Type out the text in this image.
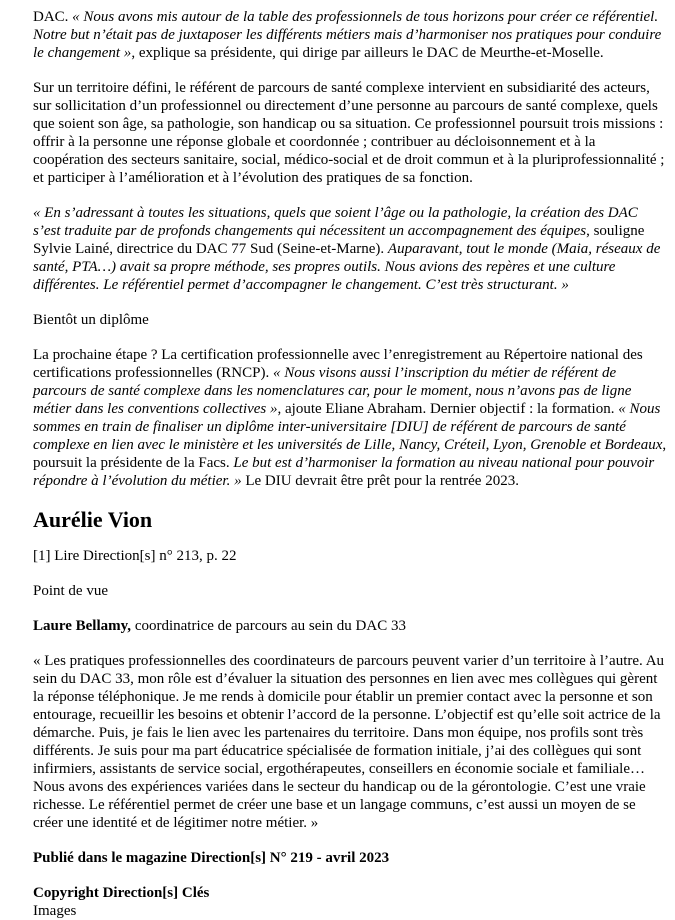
DAC. « Nous avons mis autour de la table des professionnels de tous horizons pour créer ce référentiel. Notre but n’était pas de juxtaposer les différents métiers mais d’harmoniser nos pratiques pour conduire le changement », explique sa présidente, qui dirige par ailleurs le DAC de Meurthe-et-Moselle.

Sur un territoire défini, le référent de parcours de santé complexe intervient en subsidiarité des acteurs, sur sollicitation d’un professionnel ou directement d’une personne au parcours de santé complexe, quels que soient son âge, sa pathologie, son handicap ou sa situation. Ce professionnel poursuit trois missions : offrir à la personne une réponse globale et coordonnée ; contribuer au décloisonnement et à la coopération des secteurs sanitaire, social, médico-social et de droit commun et à la pluriprofessionnalité ; et participer à l’amélioration et à l’évolution des pratiques de sa fonction.

« En s’adressant à toutes les situations, quels que soient l’âge ou la pathologie, la création des DAC s’est traduite par de profonds changements qui nécessitent un accompagnement des équipes, souligne Sylvie Lainé, directrice du DAC 77 Sud (Seine-et-Marne). Auparavant, tout le monde (Maia, réseaux de santé, PTA…) avait sa propre méthode, ses propres outils. Nous avions des repères et une culture différentes. Le référentiel permet d’accompagner le changement. C’est très structurant. »

Bientôt un diplôme

La prochaine étape ? La certification professionnelle avec l’enregistrement au Répertoire national des certifications professionnelles (RNCP). « Nous visons aussi l’inscription du métier de référent de parcours de santé complexe dans les nomenclatures car, pour le moment, nous n’avons pas de ligne métier dans les conventions collectives », ajoute Eliane Abraham. Dernier objectif : la formation. « Nous sommes en train de finaliser un diplôme inter-universitaire [DIU] de référent de parcours de santé complexe en lien avec le ministère et les universités de Lille, Nancy, Créteil, Lyon, Grenoble et Bordeaux, poursuit la présidente de la Facs. Le but est d’harmoniser la formation au niveau national pour pouvoir répondre à l’évolution du métier. » Le DIU devrait être prêt pour la rentrée 2023.

Aurélie Vion

[1] Lire Direction[s] n° 213, p. 22

Point de vue

Laure Bellamy, coordinatrice de parcours au sein du DAC 33

« Les pratiques professionnelles des coordinateurs de parcours peuvent varier d’un territoire à l’autre. Au sein du DAC 33, mon rôle est d’évaluer la situation des personnes en lien avec mes collègues qui gèrent la réponse téléphonique. Je me rends à domicile pour établir un premier contact avec la personne et son entourage, recueillir les besoins et obtenir l’accord de la personne. L’objectif est qu’elle soit actrice de la démarche. Puis, je fais le lien avec les partenaires du territoire. Dans mon équipe, nos profils sont très différents. Je suis pour ma part éducatrice spécialisée de formation initiale, j’ai des collègues qui sont infirmiers, assistants de service social, ergothérapeutes, conseillers en économie sociale et familiale… Nous avons des expériences variées dans le secteur du handicap ou de la gérontologie. C’est une vraie richesse. Le référentiel permet de créer une base et un langage communs, c’est aussi un moyen de se créer une identité et de légitimer notre métier. »

Publié dans le magazine Direction[s] N° 219 - avril 2023

Copyright Direction[s] Clés

Images
